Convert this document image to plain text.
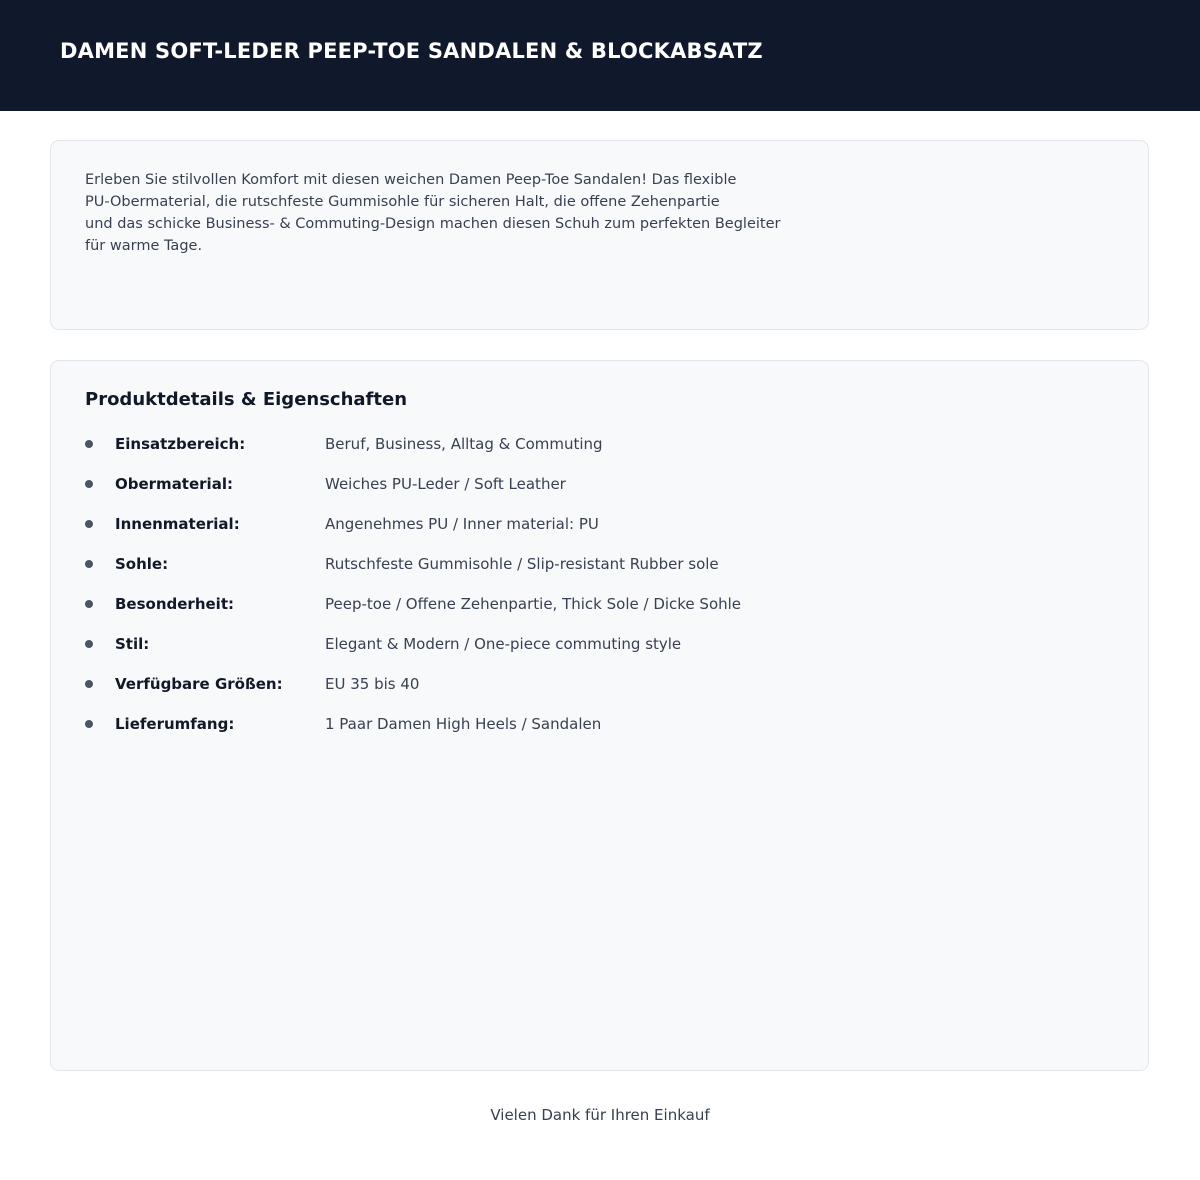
DAMEN SOFT-LEDER PEEP-TOE SANDALEN & BLOCKABSATZ
Erleben Sie stilvollen Komfort mit diesen weichen Damen Peep-Toe Sandalen! Das flexible
PU-Obermaterial, die rutschfeste Gummisohle für sicheren Halt, die offene Zehenpartie
und das schicke Business- & Commuting-Design machen diesen Schuh zum perfekten Begleiter
für warme Tage.
Produktdetails & Eigenschaften
Einsatzbereich:	Beruf, Business, Alltag & Commuting
Obermaterial:	Weiches PU-Leder / Soft Leather
Innenmaterial:	Angenehmes PU / Inner material: PU
Sohle:	Rutschfeste Gummisohle / Slip-resistant Rubber sole
Besonderheit:	Peep-toe / Offene Zehenpartie, Thick Sole / Dicke Sohle
Stil:	Elegant & Modern / One-piece commuting style
Verfügbare Größen:	EU 35 bis 40
Lieferumfang:	1 Paar Damen High Heels / Sandalen
Vielen Dank für Ihren Einkauf
